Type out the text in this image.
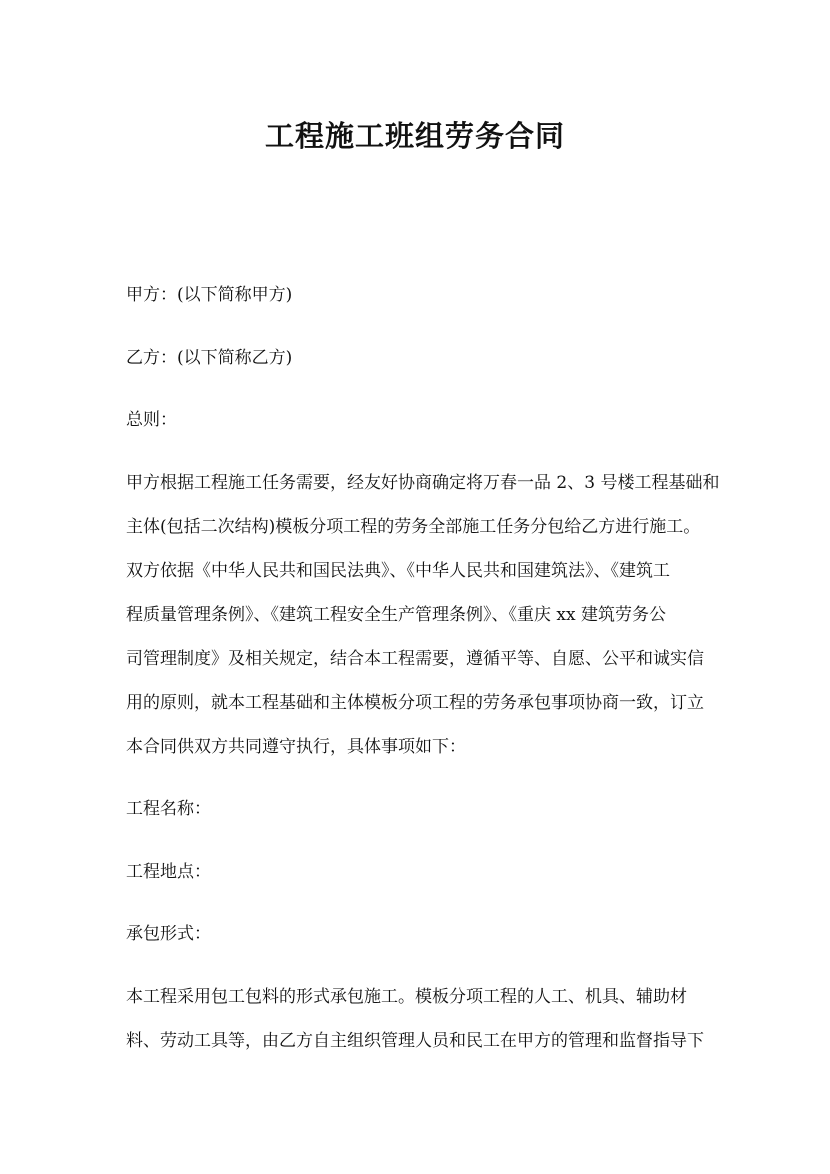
工程施工班组劳务合同
甲方：(以下简称甲方)
乙方：(以下简称乙方)
总则：
甲方根据工程施工任务需要，经友好协商确定将万春一品 2、3 号楼工程基础和
主体(包括二次结构)模板分项工程的劳务全部施工任务分包给乙方进行施工。
双方依据《中华人民共和国民法典》、《中华人民共和国建筑法》、《建筑工
程质量管理条例》、《建筑工程安全生产管理条例》、《重庆 xx 建筑劳务公
司管理制度》及相关规定，结合本工程需要，遵循平等、自愿、公平和诚实信
用的原则，就本工程基础和主体模板分项工程的劳务承包事项协商一致，订立
本合同供双方共同遵守执行，具体事项如下：
工程名称：
工程地点：
承包形式：
本工程采用包工包料的形式承包施工。模板分项工程的人工、机具、辅助材
料、劳动工具等，由乙方自主组织管理人员和民工在甲方的管理和监督指导下
